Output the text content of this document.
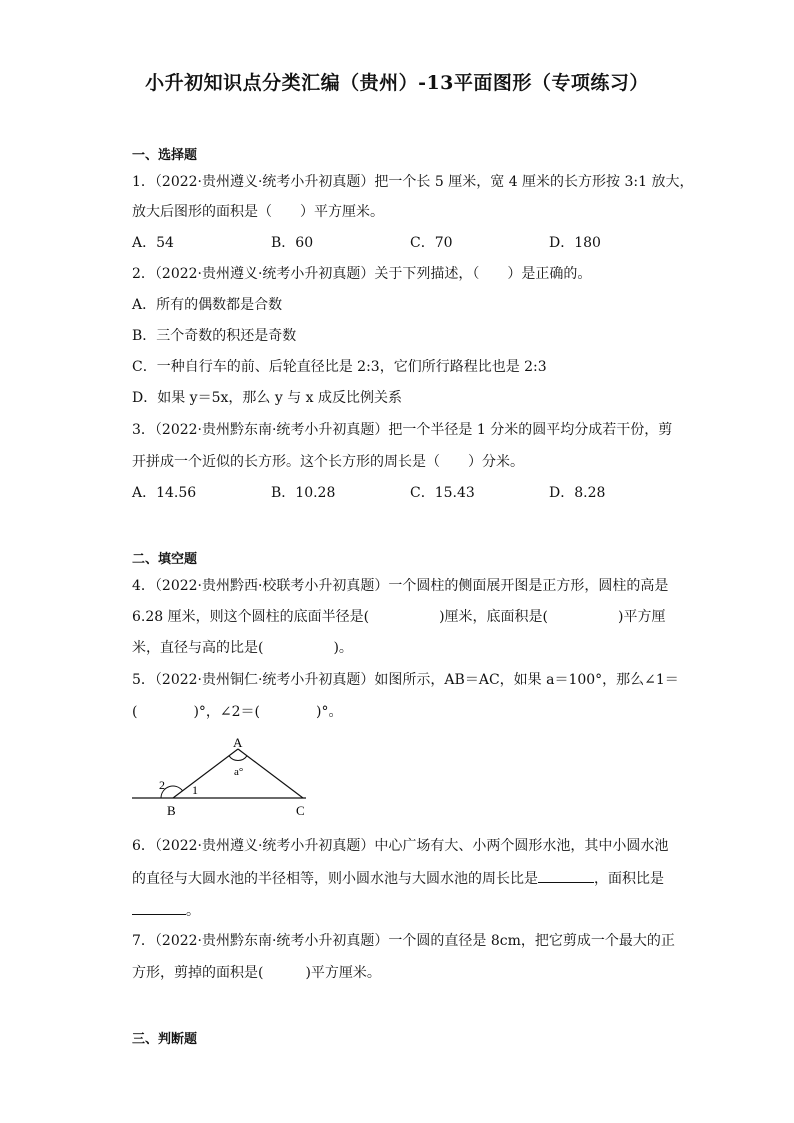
小升初知识点分类汇编（贵州）-13平面图形（专项练习）
一、选择题
1．（2022·贵州遵义·统考小升初真题）把一个长 5 厘米，宽 4 厘米的长方形按 3:1 放大，
放大后图形的面积是（　　）平方厘米。
A．54	B．60	C．70	D．180
2．（2022·贵州遵义·统考小升初真题）关于下列描述，（　　）是正确的。
A．所有的偶数都是合数
B．三个奇数的积还是奇数
C．一种自行车的前、后轮直径比是 2:3，它们所行路程比也是 2:3
D．如果 y＝5x，那么 y 与 x 成反比例关系
3．（2022·贵州黔东南·统考小升初真题）把一个半径是 1 分米的圆平均分成若干份，剪
开拼成一个近似的长方形。这个长方形的周长是（　　）分米。
A．14.56	B．10.28	C．15.43	D．8.28
二、填空题
4．（2022·贵州黔西·校联考小升初真题）一个圆柱的侧面展开图是正方形，圆柱的高是
6.28 厘米，则这个圆柱的底面半径是(　　　　　)厘米，底面积是(　　　　　)平方厘
米，直径与高的比是(　　　　　)。
5．（2022·贵州铜仁·统考小升初真题）如图所示，AB＝AC，如果 a＝100°，那么∠1＝
(　　　　)°，∠2＝(　　　　)°。
A
a°
B	C
1
2
6．（2022·贵州遵义·统考小升初真题）中心广场有大、小两个圆形水池，其中小圆水池
的直径与大圆水池的半径相等，则小圆水池与大圆水池的周长比是	，面积比是
。
7．（2022·贵州黔东南·统考小升初真题）一个圆的直径是 8cm，把它剪成一个最大的正
方形，剪掉的面积是(　　　)平方厘米。
三、判断题
